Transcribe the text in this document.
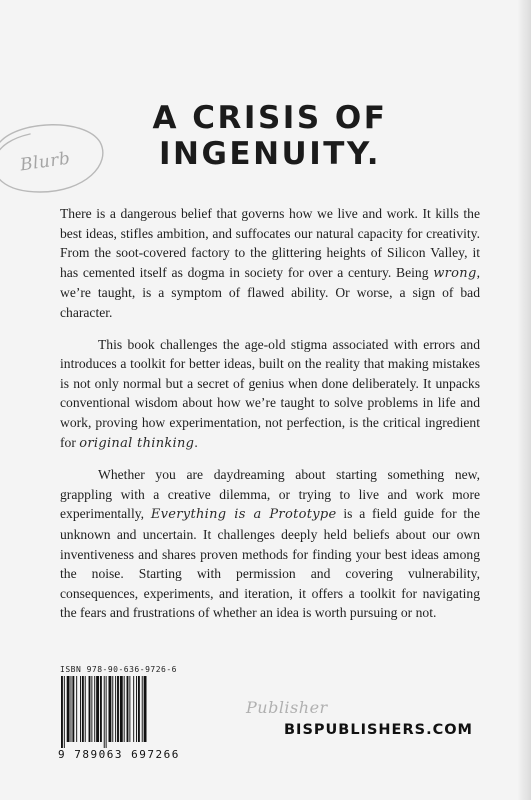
Blurb
A CRISIS OF
INGENUITY.

There is a dangerous belief that governs how we live and work. It kills the best ideas, stifles ambition, and suffocates our natural capacity for creativity. From the soot-covered factory to the glittering heights of Silicon Valley, it has cemented itself as dogma in society for over a century. Being wrong, we’re taught, is a symptom of flawed ability. Or worse, a sign of bad character.

This book challenges the age-old stigma associated with errors and introduces a toolkit for better ideas, built on the reality that making mistakes is not only normal but a secret of genius when done deliberately. It unpacks conventional wisdom about how we’re taught to solve problems in life and work, proving how experimentation, not perfection, is the critical ingredient for original thinking.

Whether you are daydreaming about starting something new, grappling with a creative dilemma, or trying to live and work more experimentally, Everything is a Prototype is a field guide for the unknown and uncertain. It challenges deeply held beliefs about our own inventiveness and shares proven methods for finding your best ideas among the noise. Starting with permission and covering vulnerability, consequences, experiments, and iteration, it offers a toolkit for navigating the fears and frustrations of whether an idea is worth pursuing or not.

ISBN 978-90-636-9726-6
9 789063 697266
Publisher
BISPUBLISHERS.COM
